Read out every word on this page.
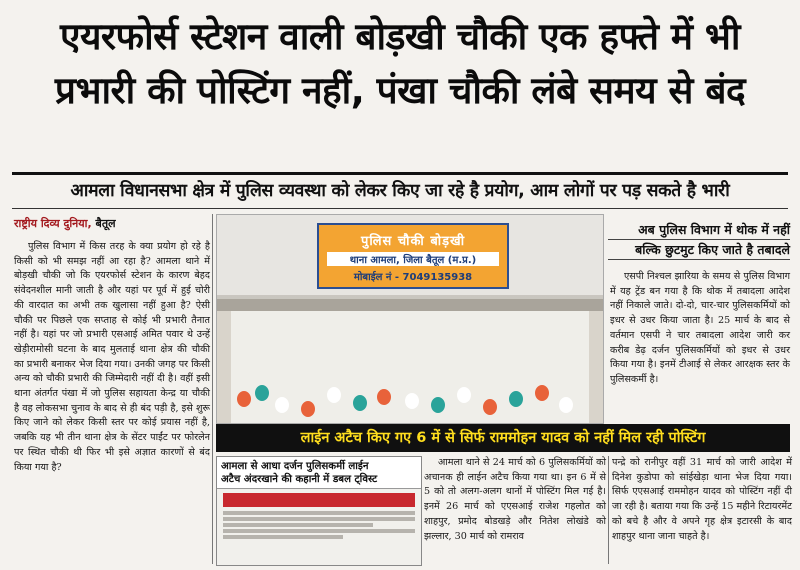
एयरफोर्स स्टेशन वाली बोड़खी चौकी एक हफ्ते में भी
प्रभारी की पोस्टिंग नहीं, पंखा चौकी लंबे समय से बंद
आमला विधानसभा क्षेत्र में पुलिस व्यवस्था को लेकर किए जा रहे है प्रयोग, आम लोगों पर पड़ सकते है भारी
राष्ट्रीय दिव्य दुनिया, बैतूल

पुलिस विभाग में किस तरह के क्या प्रयोग हो रहे है किसी को भी समझ नहीं आ रहा है? आमला थाने में बोड़खी चौकी जो कि एयरफोर्स स्टेशन के कारण बेहद संवेदनशील मानी जाती है और यहां पर पूर्व में हुई चोरी की वारदात का अभी तक खुलासा नहीं हुआ है? ऐसी चौकी पर पिछले एक सप्ताह से कोई भी प्रभारी तैनात नहीं है। यहां पर जो प्रभारी एसआई अमित पवार थे उन्हें खेड़ीरामोसी घटना के बाद मुलताई थाना क्षेत्र की चौकी का प्रभारी बनाकर भेज दिया गया। उनकी जगह पर किसी अन्य को चौकी प्रभारी की जिम्मेदारी नहीं दी है। वहीं इसी थाना अंतर्गत पंखा में जो पुलिस सहायता केन्द्र या चौकी है वह लोकसभा चुनाव के बाद से ही बंद पड़ी है, इसे शुरू किए जाने को लेकर किसी स्तर पर कोई प्रयास नहीं है, जबकि यह भी तीन थाना क्षेत्र के सेंटर पाईंट पर फोरलेन पर स्थित चौकी थी फिर भी इसे अज्ञात कारणों से बंद किया गया है?

पुलिस चौकी बोड़खी
थाना आमला, जिला बैतूल (म.प्र.)
मोबाईल नं - 7049135938
अब पुलिस विभाग में थोक में नहीं
बल्कि छुटमुट किए जाते है तबादले

एसपी निश्चल झारिया के समय से पुलिस विभाग में यह ट्रेंड बन गया है कि थोक में तबादला आदेश नहीं निकाले जाते। दो-दो, चार-चार पुलिसकर्मियों को इधर से उधर किया जाता है। 25 मार्च के बाद से वर्तमान एसपी ने चार तबादला आदेश जारी कर करीब डेढ़ दर्जन पुलिसकर्मियों को इधर से उधर किया गया है। इनमें टीआई से लेकर आरक्षक स्तर के पुलिसकर्मी है।

लाईन अटैच किए गए 6 में से सिर्फ राममोहन यादव को नहीं मिल रही पोस्टिंग
आमला से आधा दर्जन पुलिसकर्मी लाईन
अटैच अंदरखाने की कहानी में डबल ट्विस्ट

आमला थाने से 24 मार्च को 6 पुलिसकर्मियों को अचानक ही लाईन अटैच किया गया था। इन 6 में से 5 को तो अलग-अलग थानों में पोस्टिंग मिल गई है। इनमें 26 मार्च को एएसआई राजेश गहलोत को शाहपुर, प्रमोद बोडखड़े और नितेश लोखंडे को झल्लार, 30 मार्च को रामराव

पन्द्रे को रानीपुर वहीं 31 मार्च को जारी आदेश में दिनेश कुडोपा को सांईखेड़ा थाना भेज दिया गया। सिर्फ एएसआई राममोहन यादव को पोस्टिंग नहीं दी जा रही है। बताया गया कि उन्हें 15 महीने रिटायरमेंट को बचे है और वे अपने गृह क्षेत्र इटारसी के बाद शाहपुर थाना जाना चाहते है।
